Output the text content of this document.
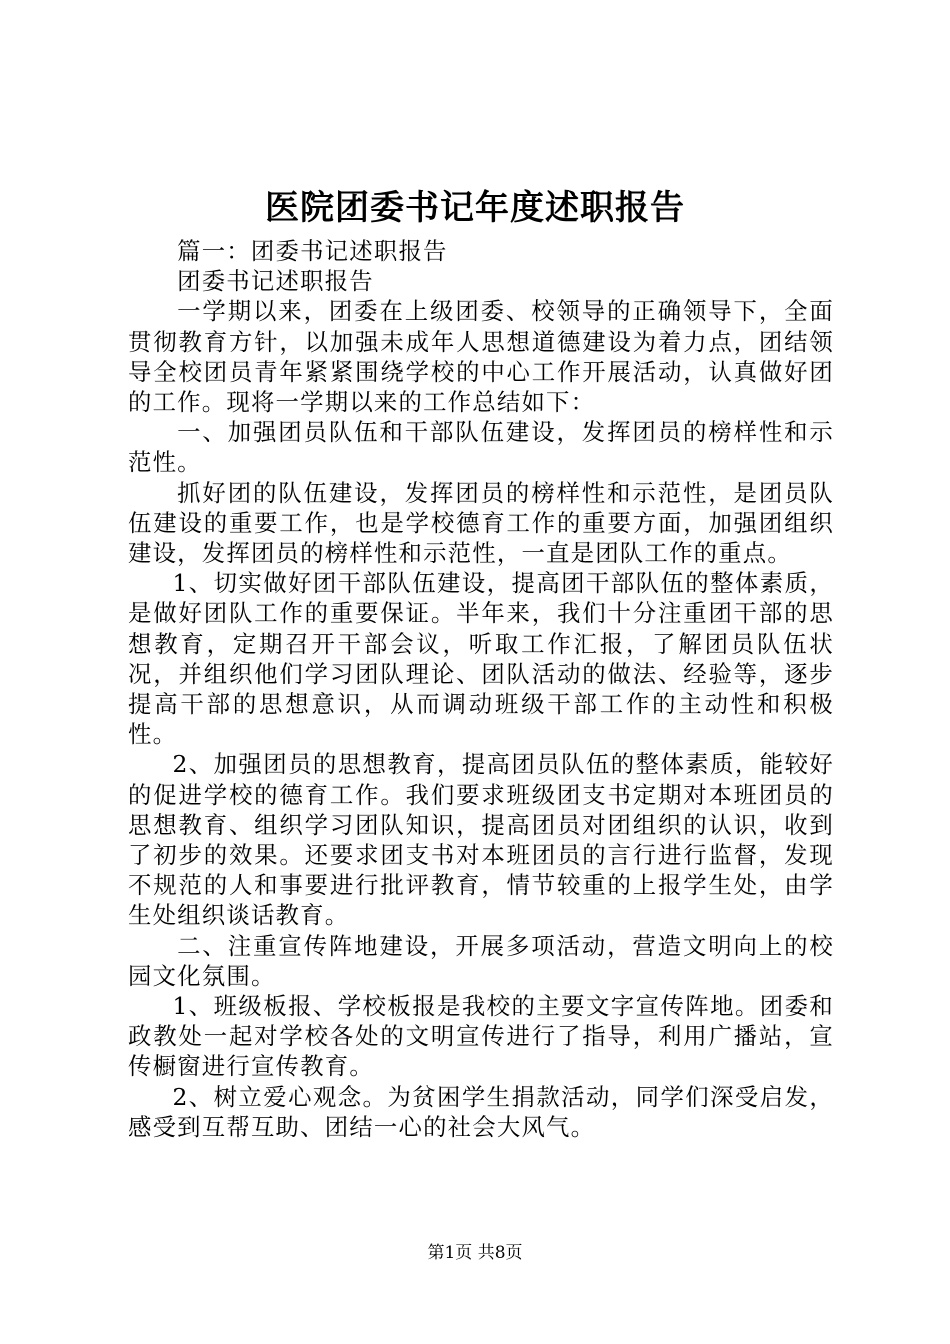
医院团委书记年度述职报告

篇一：团委书记述职报告

团委书记述职报告

一学期以来，团委在上级团委、校领导的正确领导下，全面贯彻教育方针，以加强未成年人思想道德建设为着力点，团结领导全校团员青年紧紧围绕学校的中心工作开展活动，认真做好团的工作。现将一学期以来的工作总结如下：

一、加强团员队伍和干部队伍建设，发挥团员的榜样性和示范性。

抓好团的队伍建设，发挥团员的榜样性和示范性，是团员队伍建设的重要工作，也是学校德育工作的重要方面，加强团组织建设，发挥团员的榜样性和示范性，一直是团队工作的重点。

1、切实做好团干部队伍建设，提高团干部队伍的整体素质，是做好团队工作的重要保证。半年来，我们十分注重团干部的思想教育，定期召开干部会议，听取工作汇报，了解团员队伍状况，并组织他们学习团队理论、团队活动的做法、经验等，逐步提高干部的思想意识，从而调动班级干部工作的主动性和积极性。

2、加强团员的思想教育，提高团员队伍的整体素质，能较好的促进学校的德育工作。我们要求班级团支书定期对本班团员的思想教育、组织学习团队知识，提高团员对团组织的认识，收到了初步的效果。还要求团支书对本班团员的言行进行监督，发现不规范的人和事要进行批评教育，情节较重的上报学生处，由学生处组织谈话教育。

二、注重宣传阵地建设，开展多项活动，营造文明向上的校园文化氛围。

1、班级板报、学校板报是我校的主要文字宣传阵地。团委和政教处一起对学校各处的文明宣传进行了指导，利用广播站，宣传橱窗进行宣传教育。

2、树立爱心观念。为贫困学生捐款活动，同学们深受启发，感受到互帮互助、团结一心的社会大风气。

第1页 共8页
